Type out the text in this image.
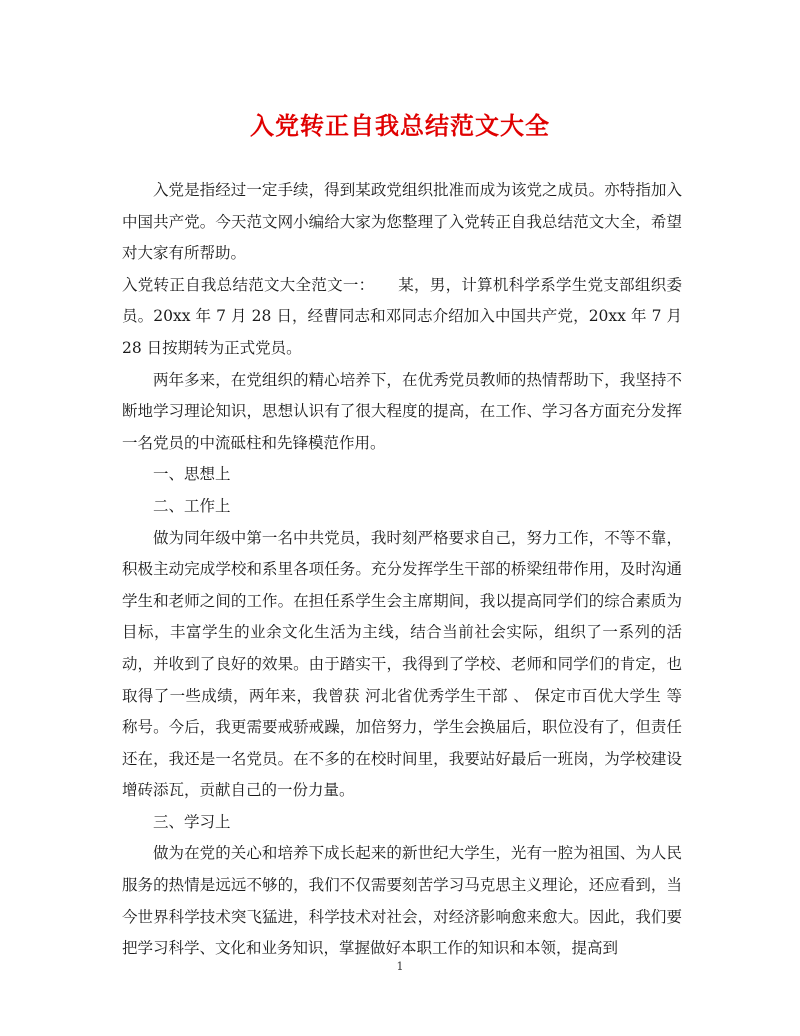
入党转正自我总结范文大全

入党是指经过一定手续，得到某政党组织批准而成为该党之成员。亦特指加入中国共产党。今天范文网小编给大家为您整理了入党转正自我总结范文大全，希望对大家有所帮助。

入党转正自我总结范文大全范文一：　　某，男，计算机科学系学生党支部组织委员。20xx 年 7 月 28 日，经曹同志和邓同志介绍加入中国共产党，20xx 年 7 月 28 日按期转为正式党员。

两年多来，在党组织的精心培养下，在优秀党员教师的热情帮助下，我坚持不断地学习理论知识，思想认识有了很大程度的提高，在工作、学习各方面充分发挥一名党员的中流砥柱和先锋模范作用。

一、思想上

二、工作上

做为同年级中第一名中共党员，我时刻严格要求自己，努力工作，不等不靠，积极主动完成学校和系里各项任务。充分发挥学生干部的桥梁纽带作用，及时沟通学生和老师之间的工作。在担任系学生会主席期间，我以提高同学们的综合素质为目标，丰富学生的业余文化生活为主线，结合当前社会实际，组织了一系列的活动，并收到了良好的效果。由于踏实干，我得到了学校、老师和同学们的肯定，也取得了一些成绩，两年来，我曾获 河北省优秀学生干部 、 保定市百优大学生 等称号。今后，我更需要戒骄戒躁，加倍努力，学生会换届后，职位没有了，但责任还在，我还是一名党员。在不多的在校时间里，我要站好最后一班岗，为学校建设增砖添瓦，贡献自己的一份力量。

三、学习上

做为在党的关心和培养下成长起来的新世纪大学生，光有一腔为祖国、为人民服务的热情是远远不够的，我们不仅需要刻苦学习马克思主义理论，还应看到，当今世界科学技术突飞猛进，科学技术对社会，对经济影响愈来愈大。因此，我们要把学习科学、文化和业务知识，掌握做好本职工作的知识和本领，提高到

1
